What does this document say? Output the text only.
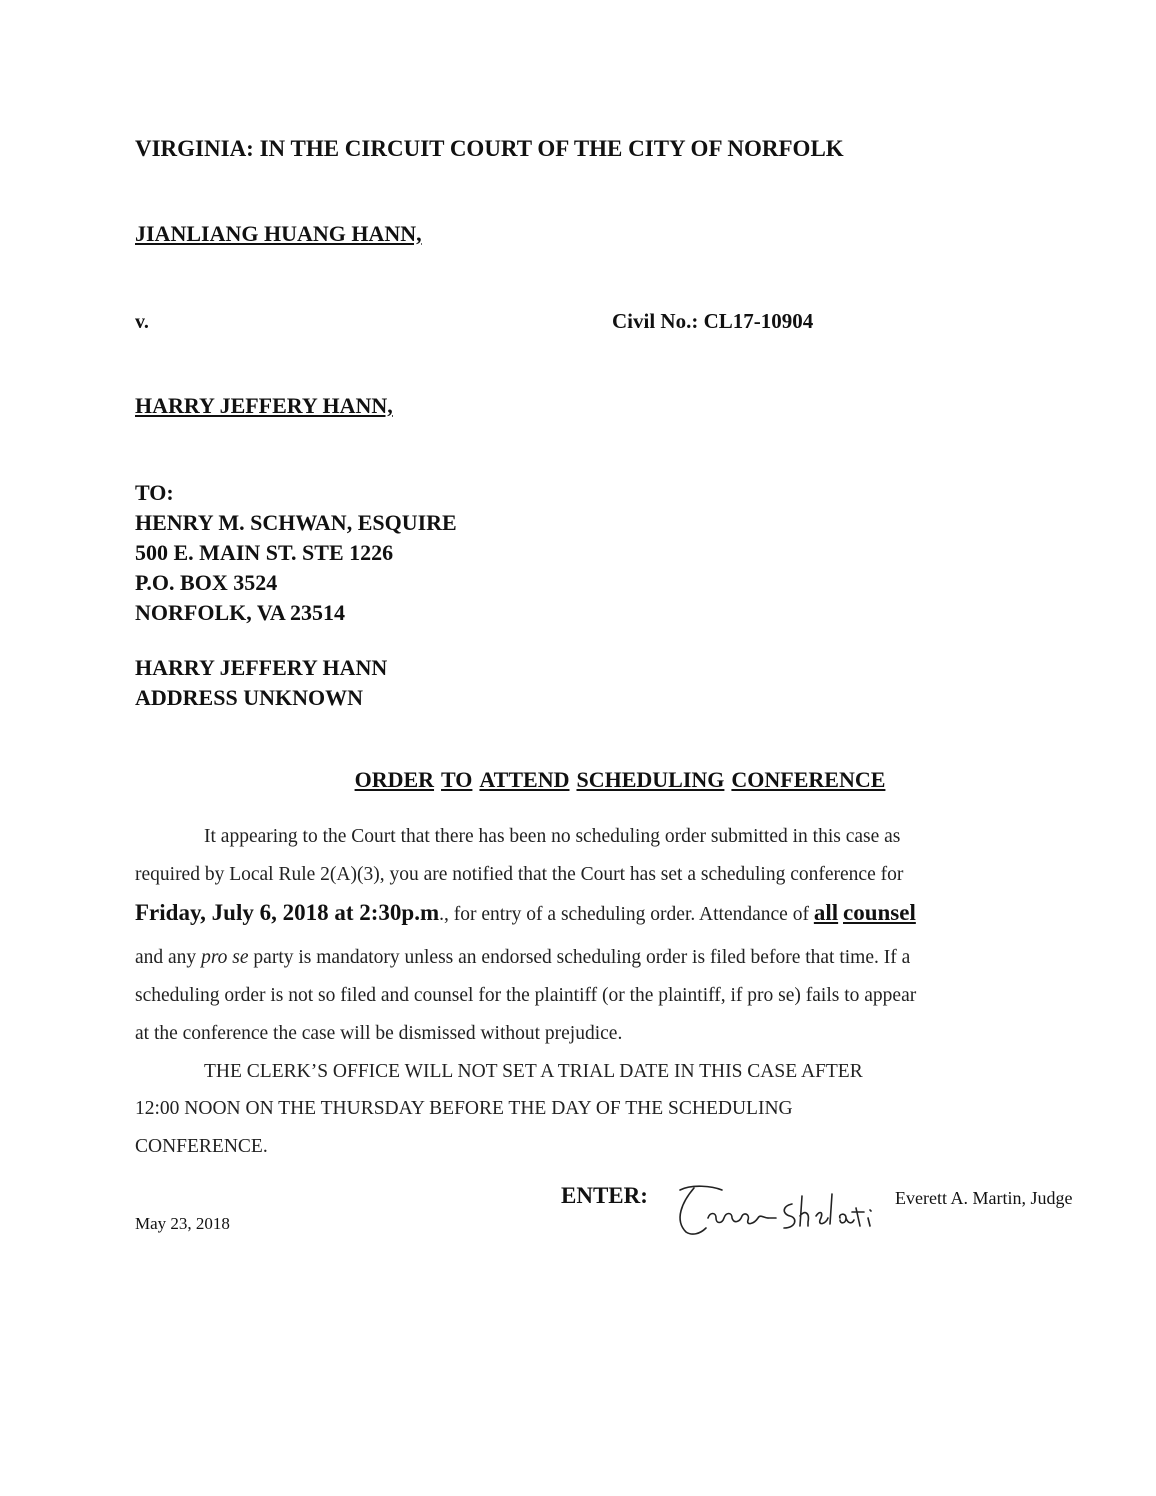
VIRGINIA: IN THE CIRCUIT COURT OF THE CITY OF NORFOLK

JIANLIANG HUANG HANN,

v.	Civil No.: CL17-10904

HARRY JEFFERY HANN,

TO:
HENRY M. SCHWAN, ESQUIRE
500 E. MAIN ST. STE 1226
P.O. BOX 3524
NORFOLK, VA 23514
HARRY JEFFERY HANN
ADDRESS UNKNOWN

ORDER TO ATTEND SCHEDULING CONFERENCE

It appearing to the Court that there has been no scheduling order submitted in this case as

required by Local Rule 2(A)(3), you are notified that the Court has set a scheduling conference for

Friday, July 6, 2018 at 2:30p.m., for entry of a scheduling order. Attendance of all counsel

and any pro se party is mandatory unless an endorsed scheduling order is filed before that time. If a

scheduling order is not so filed and counsel for the plaintiff (or the plaintiff, if pro se) fails to appear

at the conference the case will be dismissed without prejudice.

THE CLERK’S OFFICE WILL NOT SET A TRIAL DATE IN THIS CASE AFTER

12:00 NOON ON THE THURSDAY BEFORE THE DAY OF THE SCHEDULING

CONFERENCE.

ENTER:	Everett A. Martin, Judge

May 23, 2018
